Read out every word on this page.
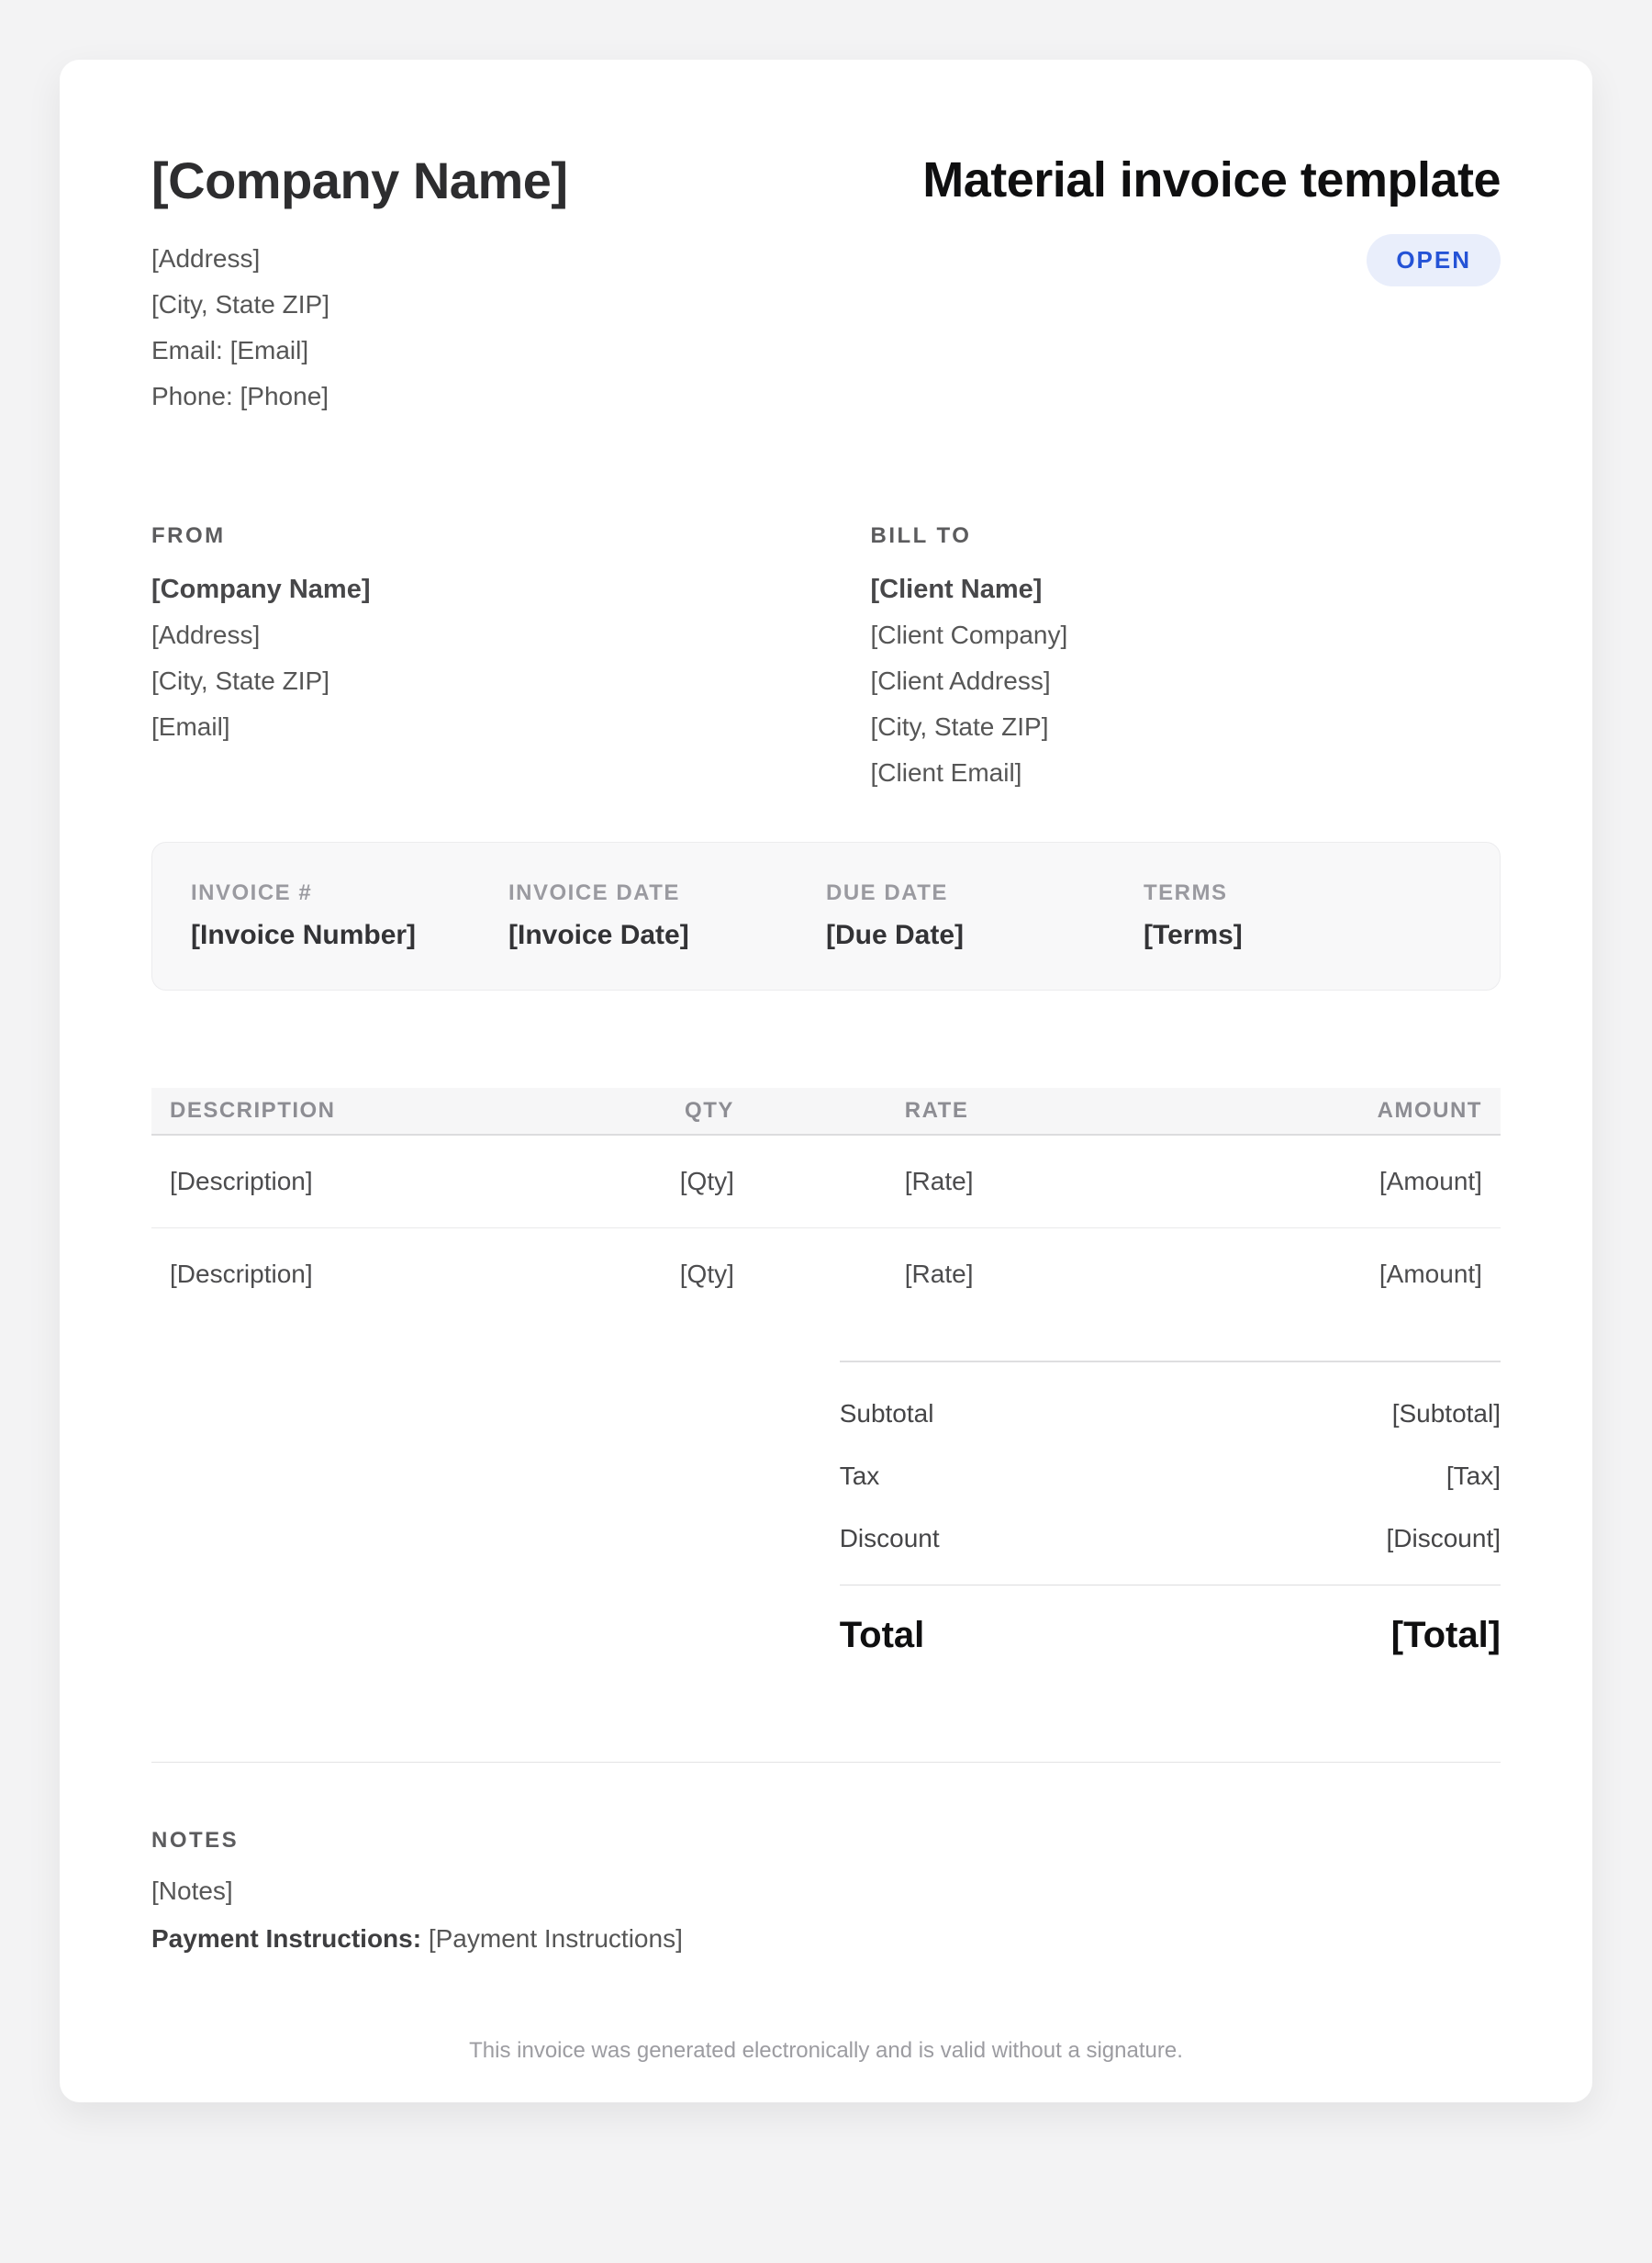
[Company Name]
[Address]
[City, State ZIP]
Email: [Email]
Phone: [Phone]
Material invoice template
OPEN
FROM
[Company Name]
[Address]
[City, State ZIP]
[Email]
BILL TO
[Client Name]
[Client Company]
[Client Address]
[City, State ZIP]
[Client Email]
INVOICE #
[Invoice Number]
INVOICE DATE
[Invoice Date]
DUE DATE
[Due Date]
TERMS
[Terms]
DESCRIPTION	QTY	RATE	AMOUNT
[Description]	[Qty]	[Rate]	[Amount]
[Description]	[Qty]	[Rate]	[Amount]
Subtotal	[Subtotal]
Tax	[Tax]
Discount	[Discount]
Total	[Total]
NOTES
[Notes]
Payment Instructions: [Payment Instructions]
This invoice was generated electronically and is valid without a signature.
